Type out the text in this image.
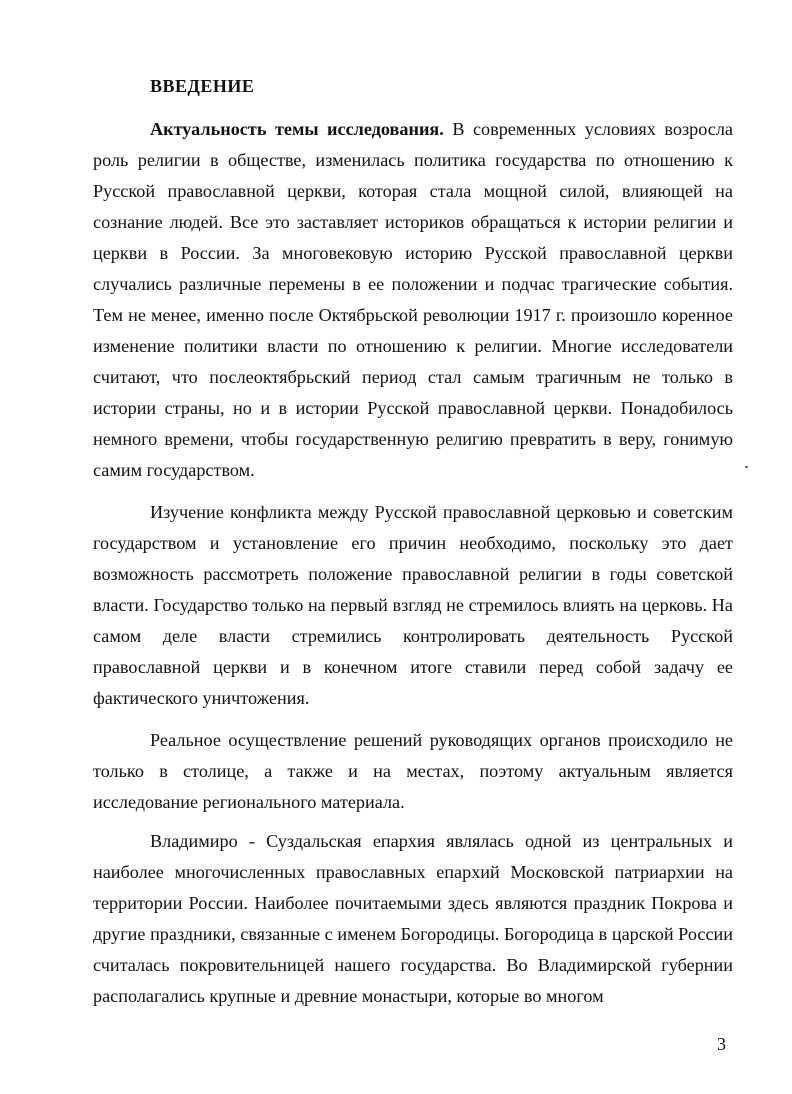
ВВЕДЕНИЕ

Актуальность темы исследования. В современных условиях возросла роль религии в обществе, изменилась политика государства по отношению к Русской православной церкви, которая стала мощной силой, влияющей на сознание людей. Все это заставляет историков обращаться к истории религии и церкви в России. За многовековую историю Русской православной церкви случались различные перемены в ее положении и подчас трагические события. Тем не менее, именно после Октябрьской революции 1917 г. произошло коренное изменение политики власти по отношению к религии. Многие исследователи считают, что послеоктябрьский период стал самым трагичным не только в истории страны, но и в истории Русской православной церкви. Понадобилось немного времени, чтобы государственную религию превратить в веру, гонимую самим государством.

Изучение конфликта между Русской православной церковью и советским государством и установление его причин необходимо, поскольку это дает возможность рассмотреть положение православной религии в годы советской власти. Государство только на первый взгляд не стремилось влиять на церковь. На самом деле власти стремились контролировать деятельность Русской православной церкви и в конечном итоге ставили перед собой задачу ее фактического уничтожения.

Реальное осуществление решений руководящих органов происходило не только в столице, а также и на местах, поэтому актуальным является исследование регионального материала.

Владимиро - Суздальская епархия являлась одной из центральных и наиболее многочисленных православных епархий Московской патриархии на территории России. Наиболее почитаемыми здесь являются праздник Покрова и другие праздники, связанные с именем Богородицы. Богородица в царской России считалась покровительницей нашего государства. Во Владимирской губернии располагались крупные и древние монастыри, которые во многом

3
